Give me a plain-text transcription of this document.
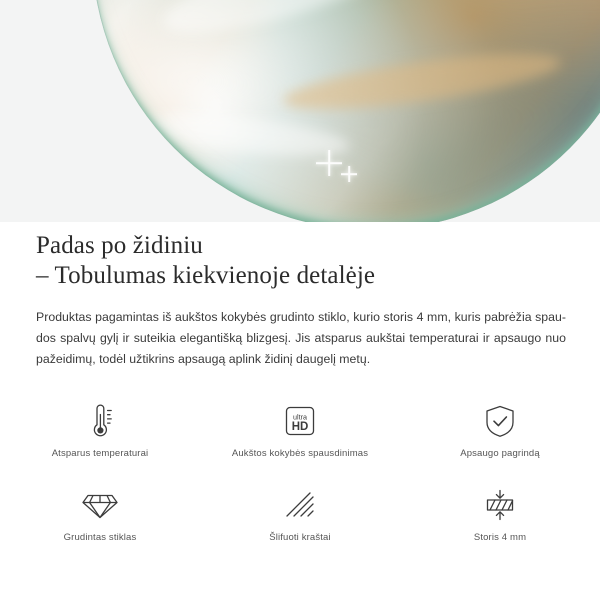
Padas po židiniu
– Tobulumas kiekvienoje detalėje

Produktas pagamintas iš aukštos kokybės grudinto stiklo, kurio storis 4 mm, kuris pabrėžia spaudos spalvų gylį ir suteikia elegantišką blizgesį. Jis atsparus aukštai temperaturai ir apsaugo nuo pažeidimų, todėl užtikrins apsaugą aplink židinį daugelį metų.

Atsparus temperaturai
ultra
HD
Aukštos kokybės spausdinimas	Apsaugo pagrindą
Grudintas stiklas	Šlifuoti kraštai	Storis 4 mm
